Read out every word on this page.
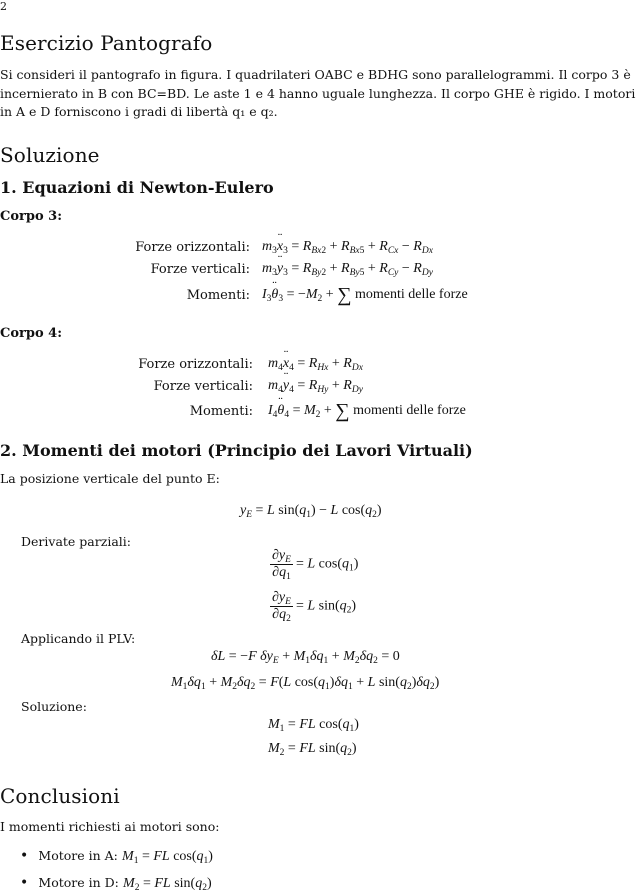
2
Esercizio Pantografo
Si consideri il pantografo in figura. I quadrilateri OABC e BDHG sono parallelogrammi. Il corpo 3 è incernierato in B con BC=BD. Le aste 1 e 4 hanno uguale lunghezza. Il corpo GHE è rigido. I motori in A e D forniscono i gradi di libertà q₁ e q₂.
Soluzione
1. Equazioni di Newton-Eulero
Corpo 3:
Forze orizzontali: $m_3¨$ $x_3 = R_{Bx2} + R_{Bx5} + R_{Cx} - R_{Dx}$
Forze verticali: $m_3¨$ $y_3 = R_{By2} + R_{By5} + R_{Cy} - R_{Dy}$
Momenti: $I_3¨$ $\theta_3 = -M_2$ + ∑ momenti delle forze
Corpo 4:
Forze orizzontali: $m_4¨$ $x_4 = R_{Hx} + R_{Dx}$
Forze verticali: $m_4¨$ $y_4 = R_{Hy} + R_{Dy}$
Momenti: $I_4¨$ $\theta_4 = M_2$ + ∑ momenti delle forze
2. Momenti dei motori (Principio dei Lavori Virtuali)
La posizione verticale del punto E:
$y_E = L$ $\sin(q_1) - L$ $\cos(q_2)$
Derivate parziali:
$\frac{\partial y_E}{\partial q_1} = L$ $\cos(q_1)$
$\frac{\partial y_E}{\partial q_2} = L$ $\sin(q_2)$
Applicando il PLV:
δL = −F $\delta y_E + M_1\delta q_1 + M_2\delta q_2 = 0$
$M_1\delta q_1 + M_2\delta q_2 = F(L$ $\cos(q_1)\delta q_1 + L$ $\sin(q_2)\delta q_2$)
Soluzione:
$M_1$ = FL $\cos(q_1)$
$M_2$ = FL $\sin(q_2)$
Conclusioni
I momenti richiesti ai motori sono:
• Motore in A: $M_1$ = FL $\cos(q_1)$
• Motore in D: $M_2$ = FL $\sin(q_2)$
